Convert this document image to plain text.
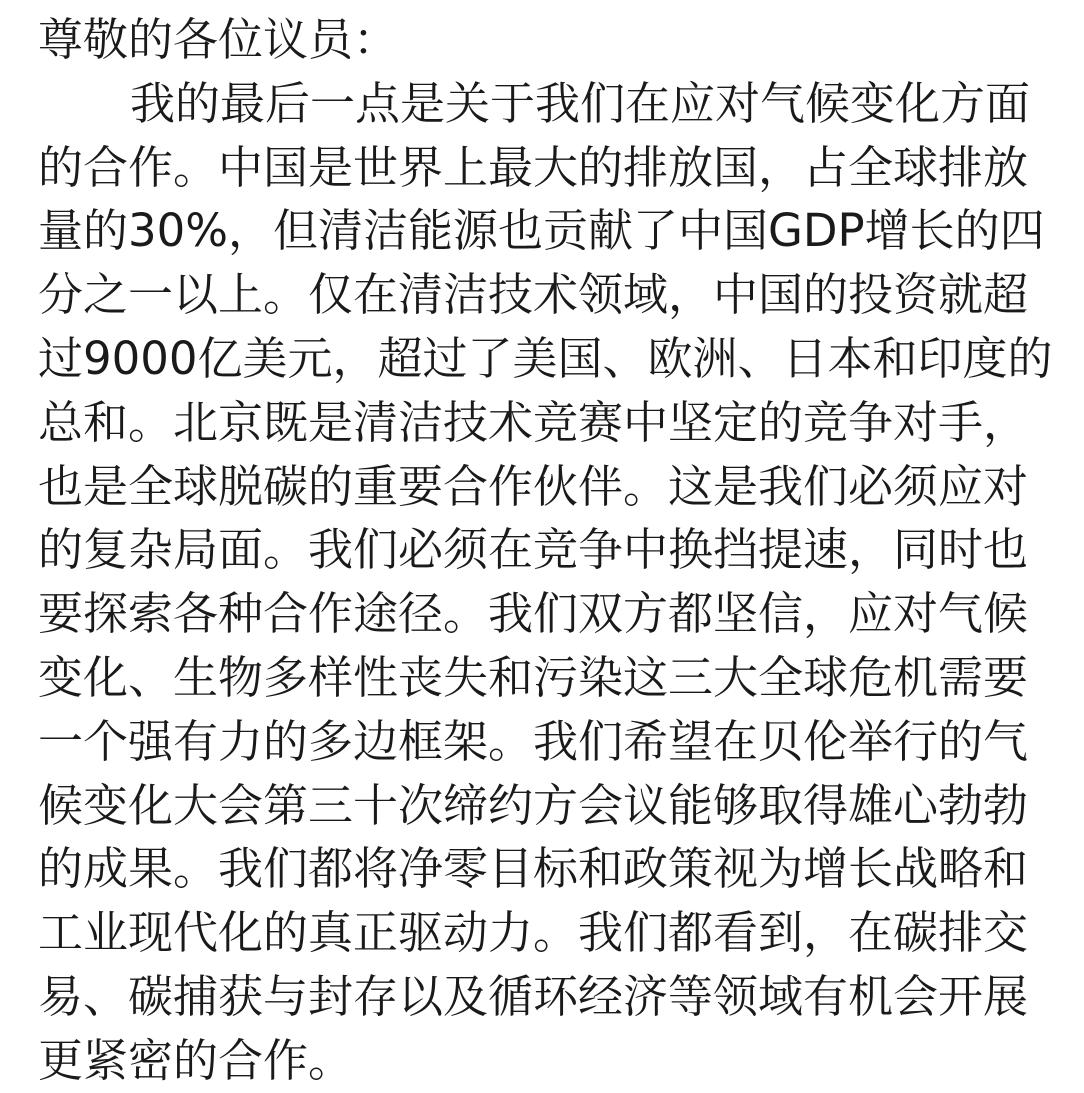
尊敬的各位议员：
我的最后一点是关于我们在应对气候变化方面
的合作。中国是世界上最大的排放国，占全球排放
量的30%，但清洁能源也贡献了中国GDP增长的四
分之一以上。仅在清洁技术领域，中国的投资就超
过9000亿美元，超过了美国、欧洲、日本和印度的
总和。北京既是清洁技术竞赛中坚定的竞争对手，
也是全球脱碳的重要合作伙伴。这是我们必须应对
的复杂局面。我们必须在竞争中换挡提速，同时也
要探索各种合作途径。我们双方都坚信，应对气候
变化、生物多样性丧失和污染这三大全球危机需要
一个强有力的多边框架。我们希望在贝伦举行的气
候变化大会第三十次缔约方会议能够取得雄心勃勃
的成果。我们都将净零目标和政策视为增长战略和
工业现代化的真正驱动力。我们都看到，在碳排交
易、碳捕获与封存以及循环经济等领域有机会开展
更紧密的合作。
